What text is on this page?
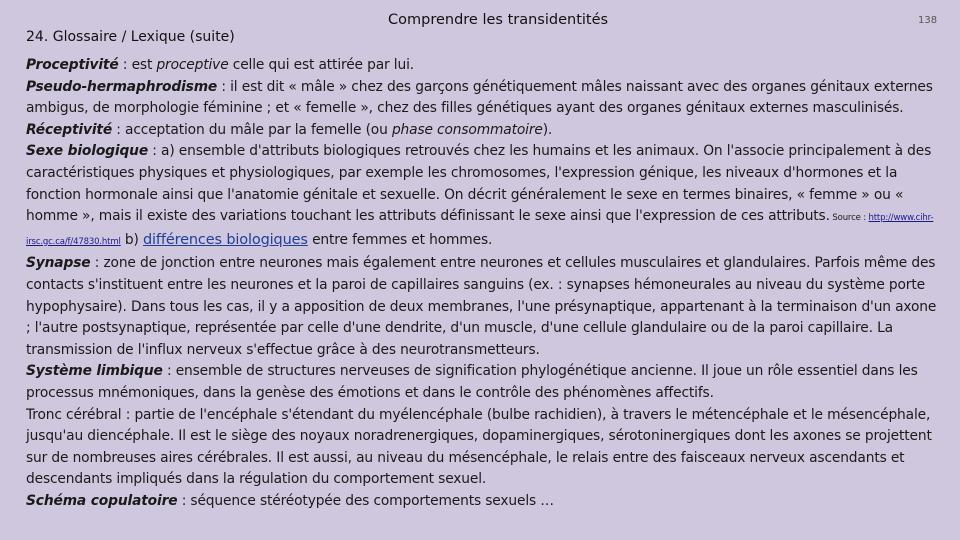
24. Glossaire / Lexique (suite)
Comprendre les transidentités	138

Proceptivité : est proceptive celle qui est attirée par lui.

Pseudo-hermaphrodisme : il est dit « mâle » chez des garçons génétiquement mâles naissant avec des organes génitaux externes ambigus, de morphologie féminine ; et « femelle », chez des filles génétiques ayant des organes génitaux externes masculinisés.

Réceptivité : acceptation du mâle par la femelle (ou phase consommatoire).

Sexe biologique : a) ensemble d'attributs biologiques retrouvés chez les humains et les animaux. On l'associe principalement à des caractéristiques physiques et physiologiques, par exemple les chromosomes, l'expression génique, les niveaux d'hormones et la fonction hormonale ainsi que l'anatomie génitale et sexuelle. On décrit généralement le sexe en termes binaires, « femme » ou « homme », mais il existe des variations touchant les attributs définissant le sexe ainsi que l'expression de ces attributs. Source : http://www.cihr-irsc.gc.ca/f/47830.html b) différences biologiques entre femmes et hommes.

Synapse : zone de jonction entre neurones mais également entre neurones et cellules musculaires et glandulaires. Parfois même des contacts s'instituent entre les neurones et la paroi de capillaires sanguins (ex. : synapses hémoneurales au niveau du système porte hypophysaire). Dans tous les cas, il y a apposition de deux membranes, l'une présynaptique, appartenant à la terminaison d'un axone ; l'autre postsynaptique, représentée par celle d'une dendrite, d'un muscle, d'une cellule glandulaire ou de la paroi capillaire. La transmission de l'influx nerveux s'effectue grâce à des neurotransmetteurs.

Système limbique : ensemble de structures nerveuses de signification phylogénétique ancienne. Il joue un rôle essentiel dans les processus mnémoniques, dans la genèse des émotions et dans le contrôle des phénomènes affectifs.

Tronc cérébral : partie de l'encéphale s'étendant du myélencéphale (bulbe rachidien), à travers le métencéphale et le mésencéphale, jusqu'au diencéphale. Il est le siège des noyaux noradrenergiques, dopaminergiques, sérotoninergiques dont les axones se projettent sur de nombreuses aires cérébrales. Il est aussi, au niveau du mésencéphale, le relais entre des faisceaux nerveux ascendants et descendants impliqués dans la régulation du comportement sexuel.

Schéma copulatoire : séquence stéréotypée des comportements sexuels …
